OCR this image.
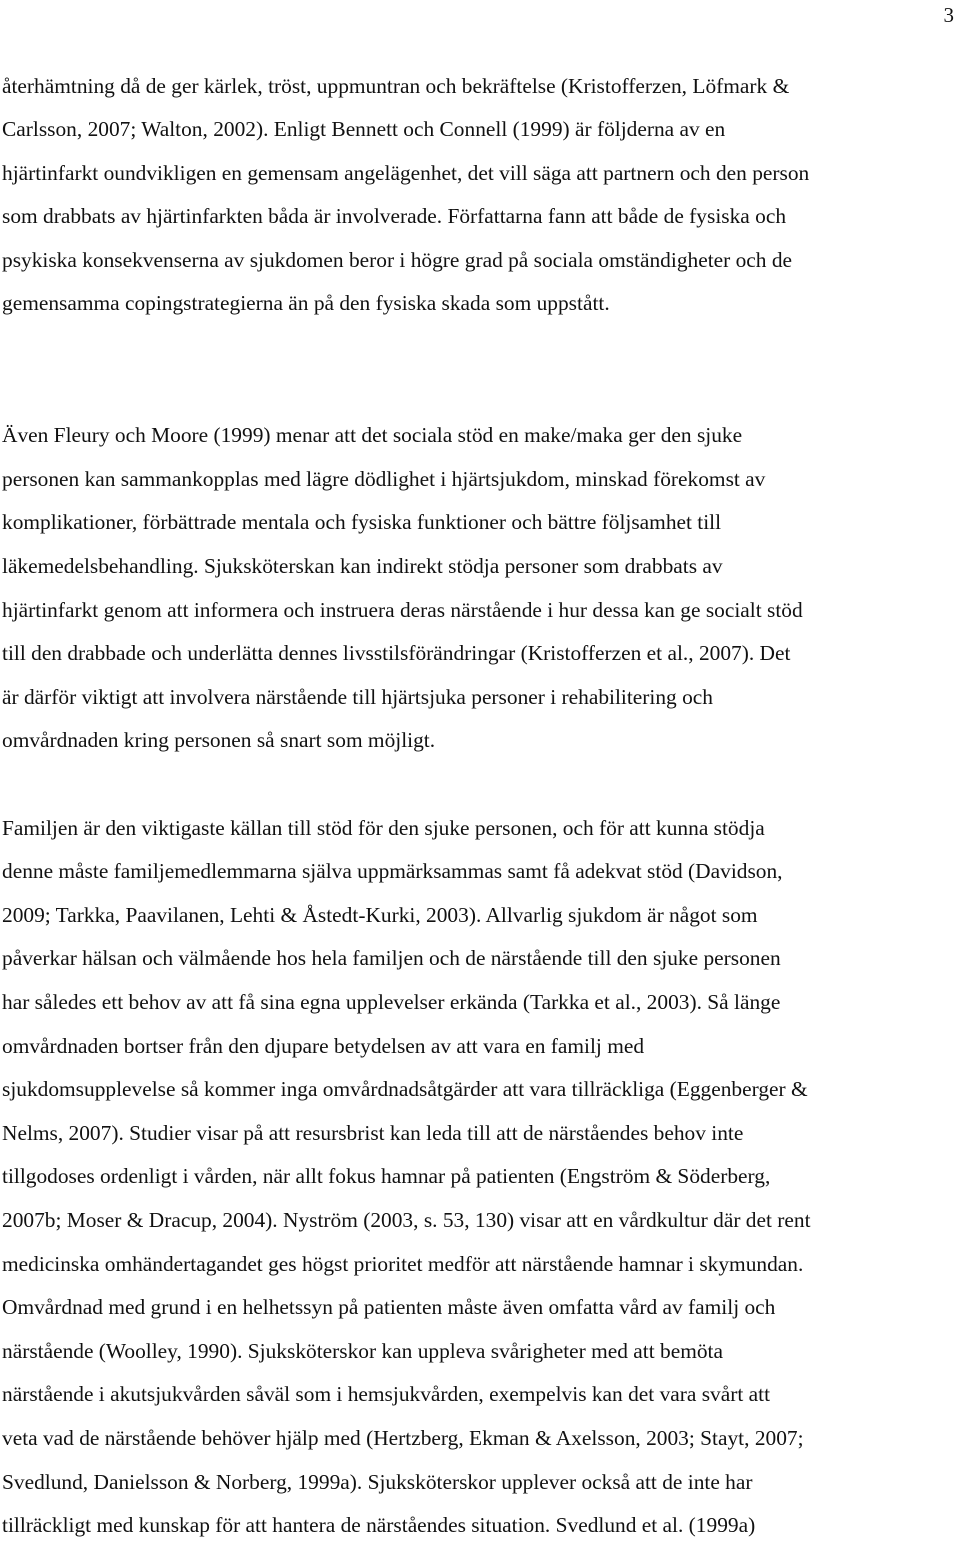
3
återhämtning då de ger kärlek, tröst, uppmuntran och bekräftelse (Kristofferzen, Löfmark &
Carlsson, 2007; Walton, 2002). Enligt Bennett och Connell (1999) är följderna av en
hjärtinfarkt oundvikligen en gemensam angelägenhet, det vill säga att partnern och den person
som drabbats av hjärtinfarkten båda är involverade. Författarna fann att både de fysiska och
psykiska konsekvenserna av sjukdomen beror i högre grad på sociala omständigheter och de
gemensamma copingstrategierna än på den fysiska skada som uppstått.
Även Fleury och Moore (1999) menar att det sociala stöd en make/maka ger den sjuke
personen kan sammankopplas med lägre dödlighet i hjärtsjukdom, minskad förekomst av
komplikationer, förbättrade mentala och fysiska funktioner och bättre följsamhet till
läkemedelsbehandling. Sjuksköterskan kan indirekt stödja personer som drabbats av
hjärtinfarkt genom att informera och instruera deras närstående i hur dessa kan ge socialt stöd
till den drabbade och underlätta dennes livsstilsförändringar (Kristofferzen et al., 2007). Det
är därför viktigt att involvera närstående till hjärtsjuka personer i rehabilitering och
omvårdnaden kring personen så snart som möjligt.
Familjen är den viktigaste källan till stöd för den sjuke personen, och för att kunna stödja
denne måste familjemedlemmarna själva uppmärksammas samt få adekvat stöd (Davidson,
2009; Tarkka, Paavilanen, Lehti & Åstedt-Kurki, 2003). Allvarlig sjukdom är något som
påverkar hälsan och välmående hos hela familjen och de närstående till den sjuke personen
har således ett behov av att få sina egna upplevelser erkända (Tarkka et al., 2003). Så länge
omvårdnaden bortser från den djupare betydelsen av att vara en familj med
sjukdomsupplevelse så kommer inga omvårdnadsåtgärder att vara tillräckliga (Eggenberger &
Nelms, 2007). Studier visar på att resursbrist kan leda till att de närståendes behov inte
tillgodoses ordenligt i vården, när allt fokus hamnar på patienten (Engström & Söderberg,
2007b; Moser & Dracup, 2004). Nyström (2003, s. 53, 130) visar att en vårdkultur där det rent
medicinska omhändertagandet ges högst prioritet medför att närstående hamnar i skymundan.
Omvårdnad med grund i en helhetssyn på patienten måste även omfatta vård av familj och
närstående (Woolley, 1990). Sjuksköterskor kan uppleva svårigheter med att bemöta
närstående i akutsjukvården såväl som i hemsjukvården, exempelvis kan det vara svårt att
veta vad de närstående behöver hjälp med (Hertzberg, Ekman & Axelsson, 2003; Stayt, 2007;
Svedlund, Danielsson & Norberg, 1999a). Sjuksköterskor upplever också att de inte har
tillräckligt med kunskap för att hantera de närståendes situation. Svedlund et al. (1999a)
